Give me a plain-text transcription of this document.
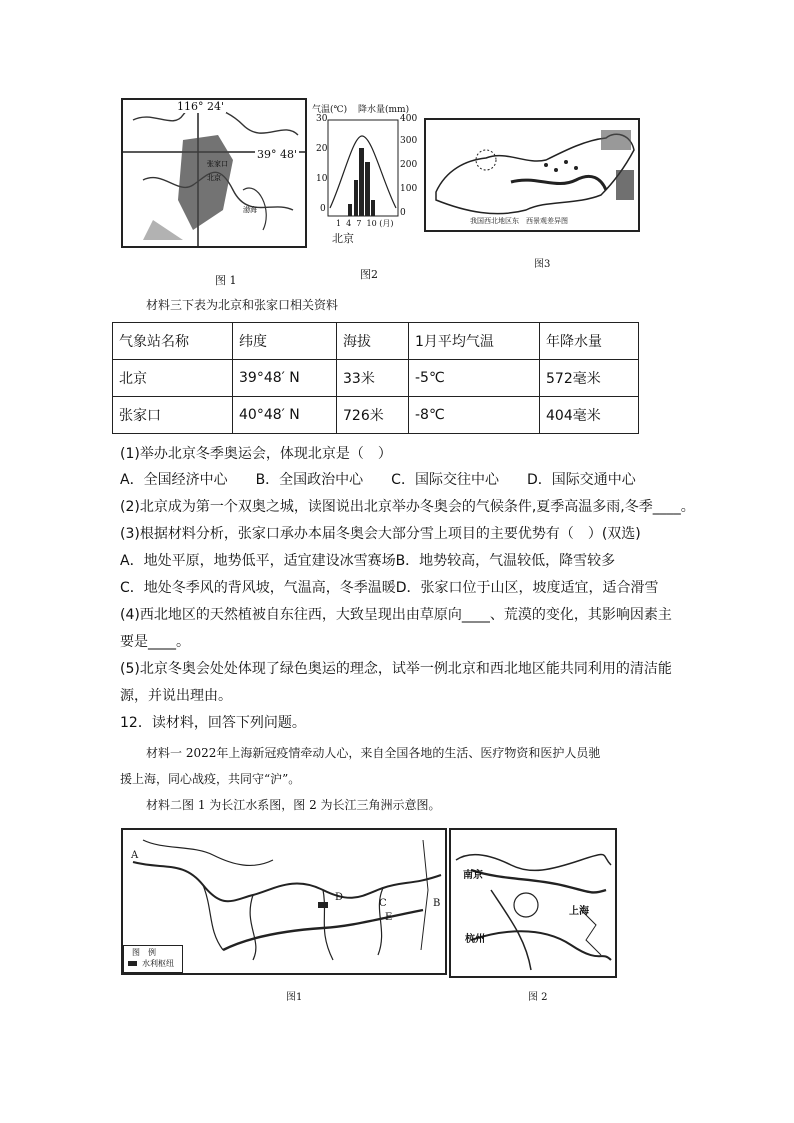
张家口
北京
渤海
116° 24'
39° 48'
图 1
气温(℃) 降水量(mm)
30
20
10
0
400
300
200
100
0
1  4  7  10 (月)
北京
图2
我国西北地区东　西景观差异图
图3
材料三下表为北京和张家口相关资料
气象站名称	纬度	海拔	1月平均气温	年降水量
北京	39°48′ N	33米	-5℃	572毫米
张家口	40°48′ N	726米	-8℃	404毫米
(1)举办北京冬季奥运会，体现北京是（　）
A．全国经济中心　　B．全国政治中心　　C．国际交往中心　　D．国际交通中心
(2)北京成为第一个双奥之城，读图说出北京举办冬奥会的气候条件,夏季高温多雨,冬季____。
(3)根据材料分析，张家口承办本届冬奥会大部分雪上项目的主要优势有（　）(双选)
A．地处平原，地势低平，适宜建设冰雪赛场B．地势较高，气温较低，降雪较多
C．地处冬季风的背风坡，气温高，冬季温暖D．张家口位于山区，坡度适宜，适合滑雪
(4)西北地区的天然植被自东往西，大致呈现出由草原向____、荒漠的变化，其影响因素主
要是____。
(5)北京冬奥会处处体现了绿色奥运的理念，试举一例北京和西北地区能共同利用的清洁能
源，并说出理由。
12．读材料，回答下列问题。
材料一 2022年上海新冠疫情牵动人心，来自全国各地的生活、医疗物资和医护人员驰
援上海，同心战疫，共同守“沪”。
材料二图 1 为长江水系图，图 2 为长江三角洲示意图。
A
B
C
D
E
图　例
水利枢纽
图1
南京
上海
杭州
图 2
